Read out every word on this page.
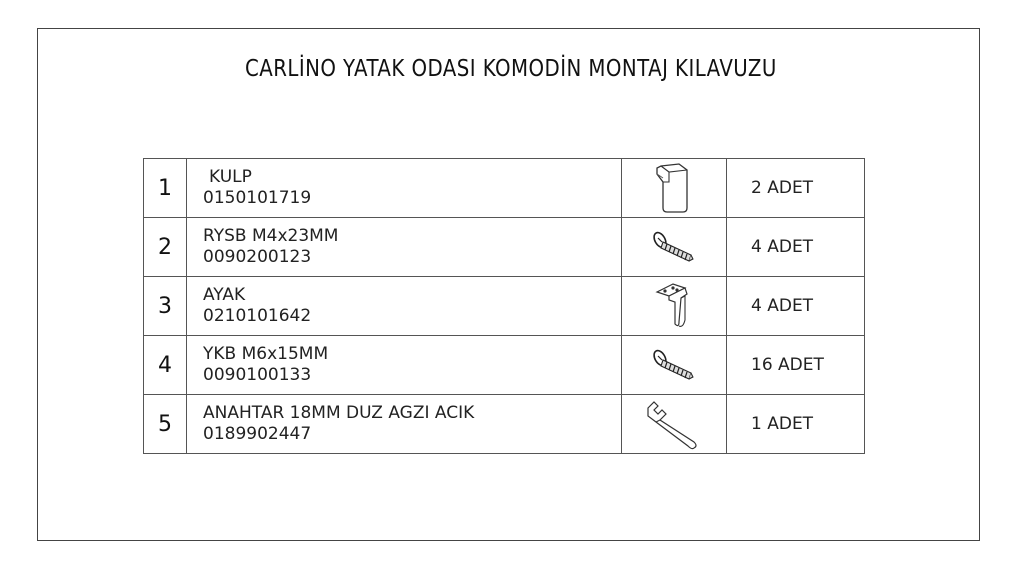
CARLİNO YATAK ODASI KOMODİN MONTAJ KILAVUZU
1	KULP
0150101719		2 ADET
2	RYSB M4x23MM
0090200123		4 ADET
3	AYAK
0210101642		4 ADET
4	YKB M6x15MM
0090100133		16 ADET
5	ANAHTAR 18MM DUZ AGZI ACIK
0189902447		1 ADET
